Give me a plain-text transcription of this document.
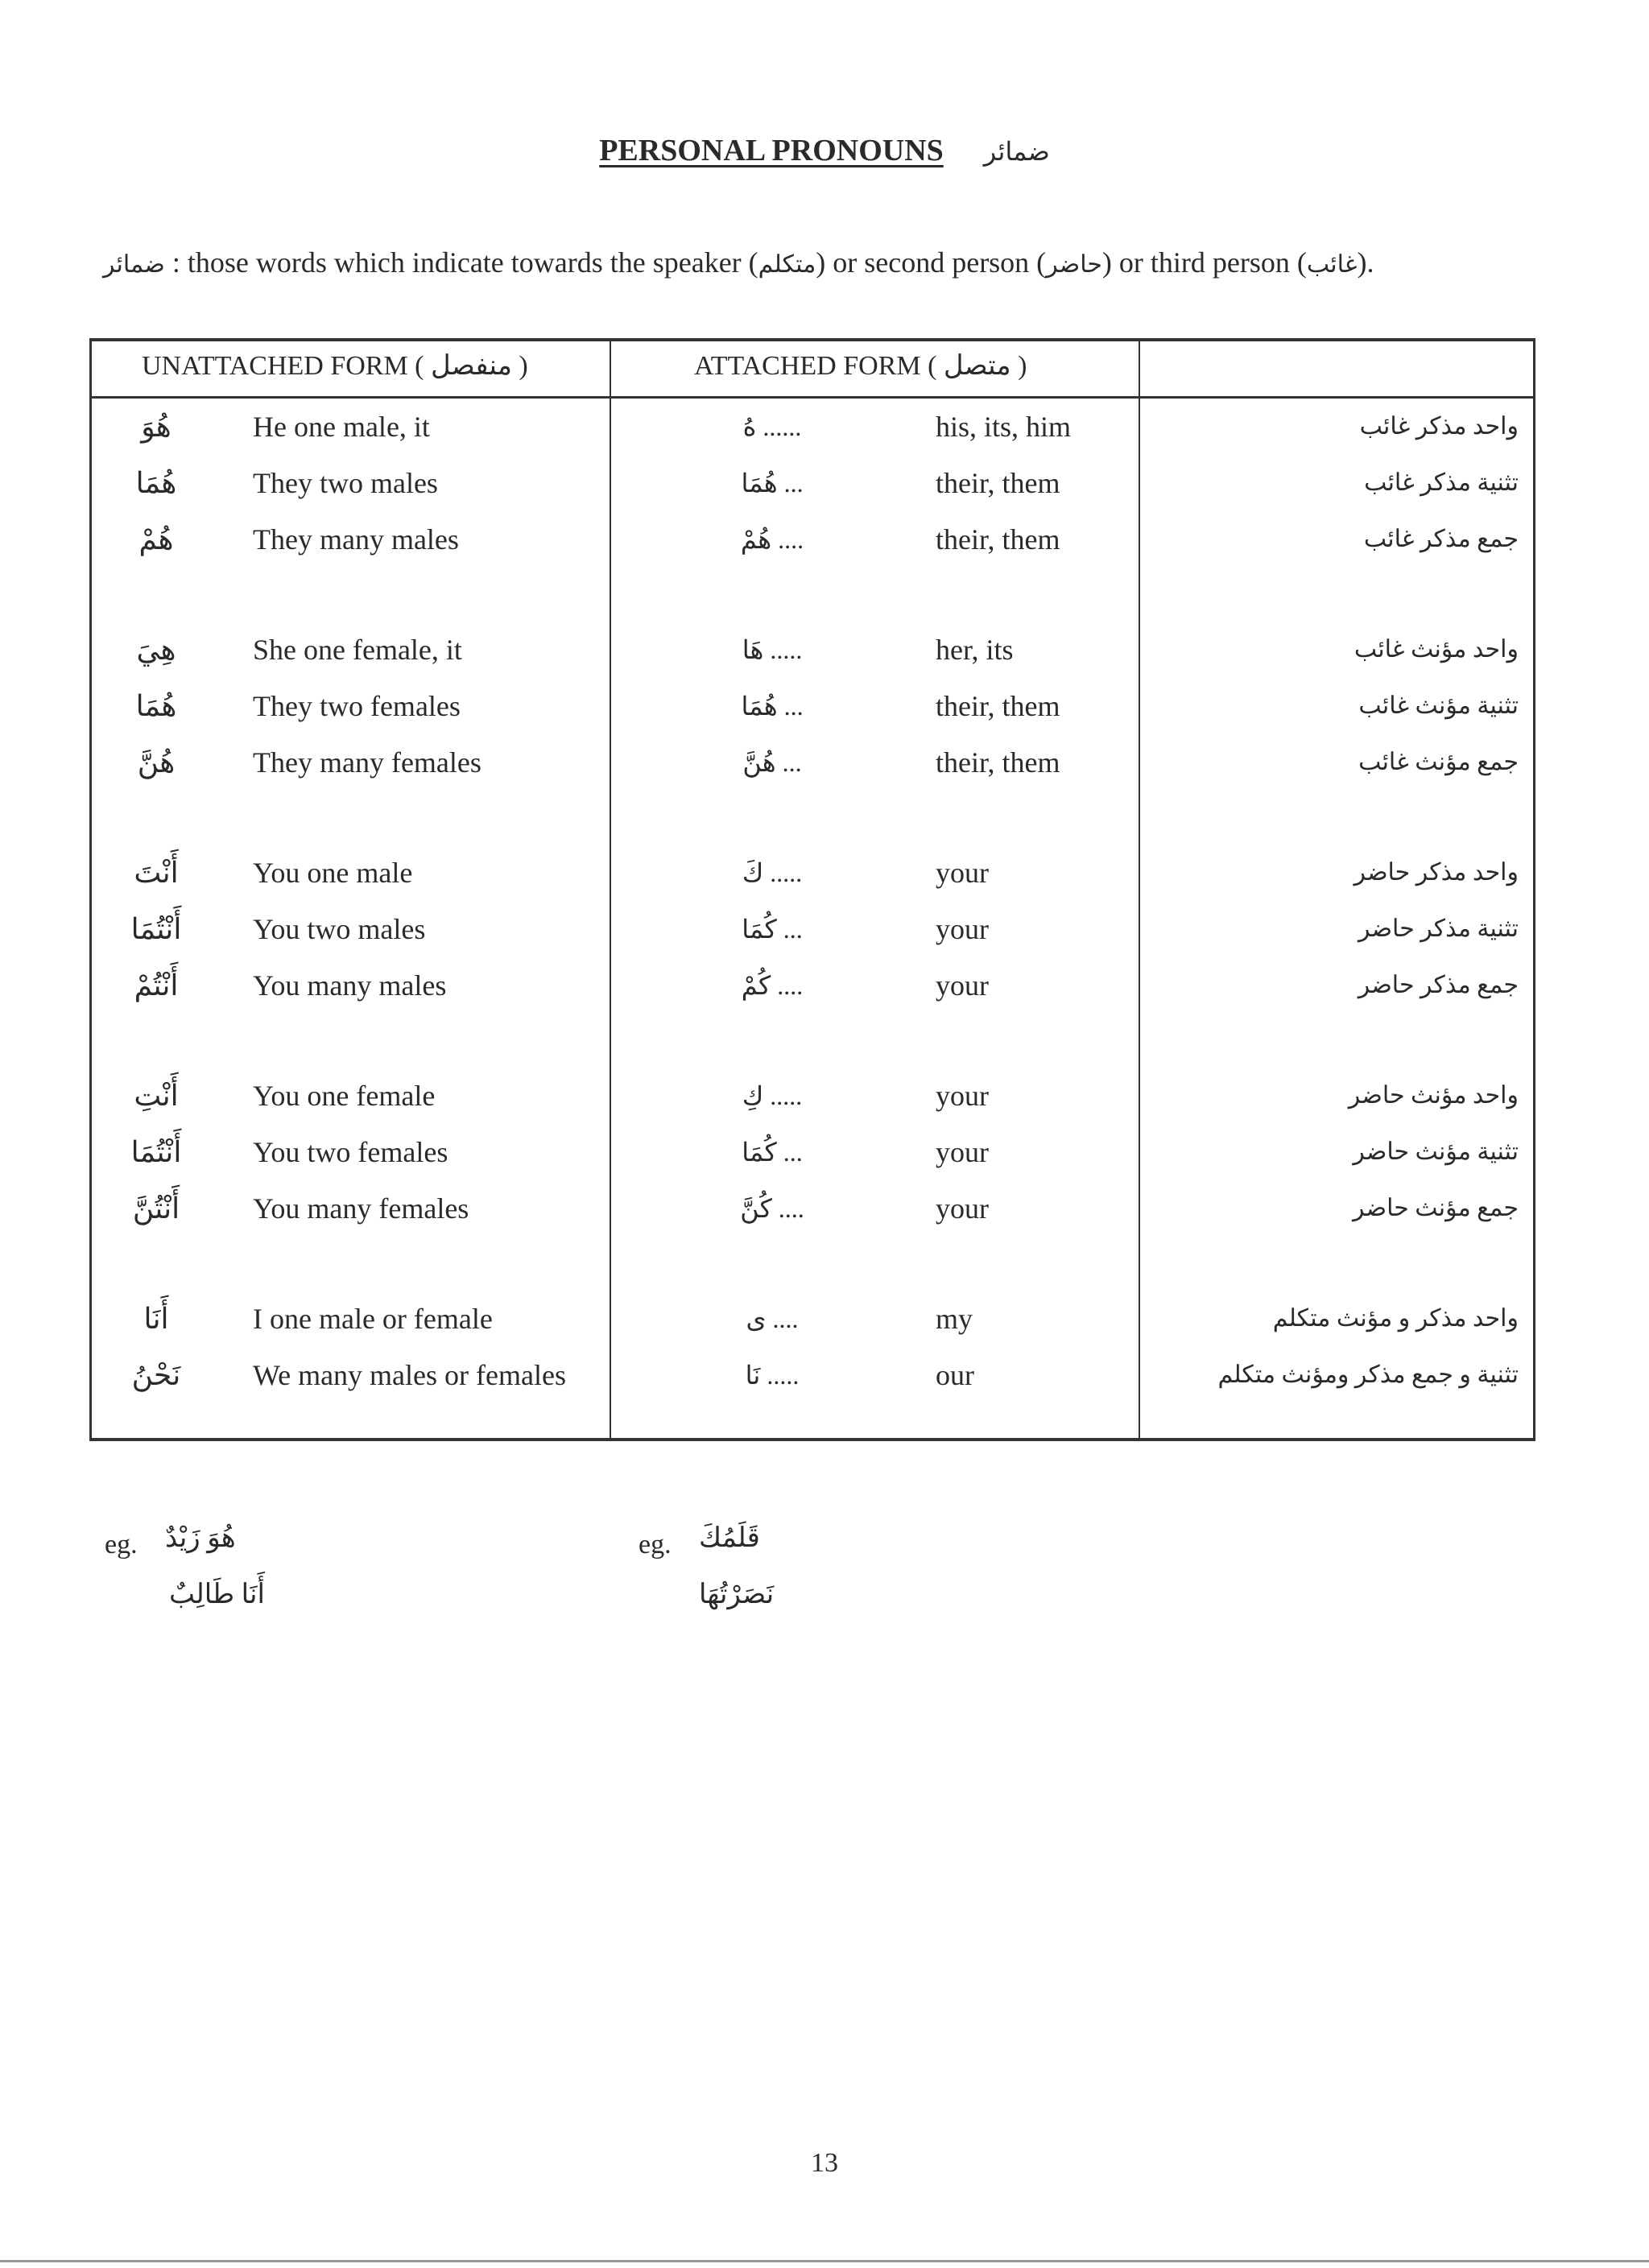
PERSONAL PRONOUNS ضمائر
ضمائر : those words which indicate towards the speaker (متكلم) or second person (حاضر) or third person (غائب).
UNATTACHED FORM ( منفصل )	ATTACHED FORM ( متصل )
هُوَ	He one male, it	...... هُ	his, its, him	واحد مذكر غائب
هُمَا	They two males	... هُمَا	their, them	تثنية مذكر غائب
هُمْ	They many males	.... هُمْ	their, them	جمع مذكر غائب
هِيَ	She one female, it	..... هَا	her, its	واحد مؤنث غائب
هُمَا	They two females	... هُمَا	their, them	تثنية مؤنث غائب
هُنَّ	They many females	... هُنَّ	their, them	جمع مؤنث غائب
أَنْتَ	You one male	..... كَ	your	واحد مذكر حاضر
أَنْتُمَا You two males	... كُمَا	your	تثنية مذكر حاضر
أَنْتُمْ	You many males	.... كُمْ	your	جمع مذكر حاضر
أَنْتِ	You one female	..... كِ	your	واحد مؤنث حاضر
أَنْتُمَا You two females	... كُمَا	your	تثنية مؤنث حاضر
أَنْتُنَّ	You many females	.... كُنَّ	your	جمع مؤنث حاضر
أَنَا	I one male or female	.... ى	my	واحد مذكر و مؤنث متكلم
نَحْنُ We many males or females	..... نَا	our	تثنية و جمع مذكر ومؤنث متكلم
eg. هُوَ زَيْدٌ
أَنَا طَالِبٌ
eg. قَلَمُكَ
نَصَرْتُهَا
13
